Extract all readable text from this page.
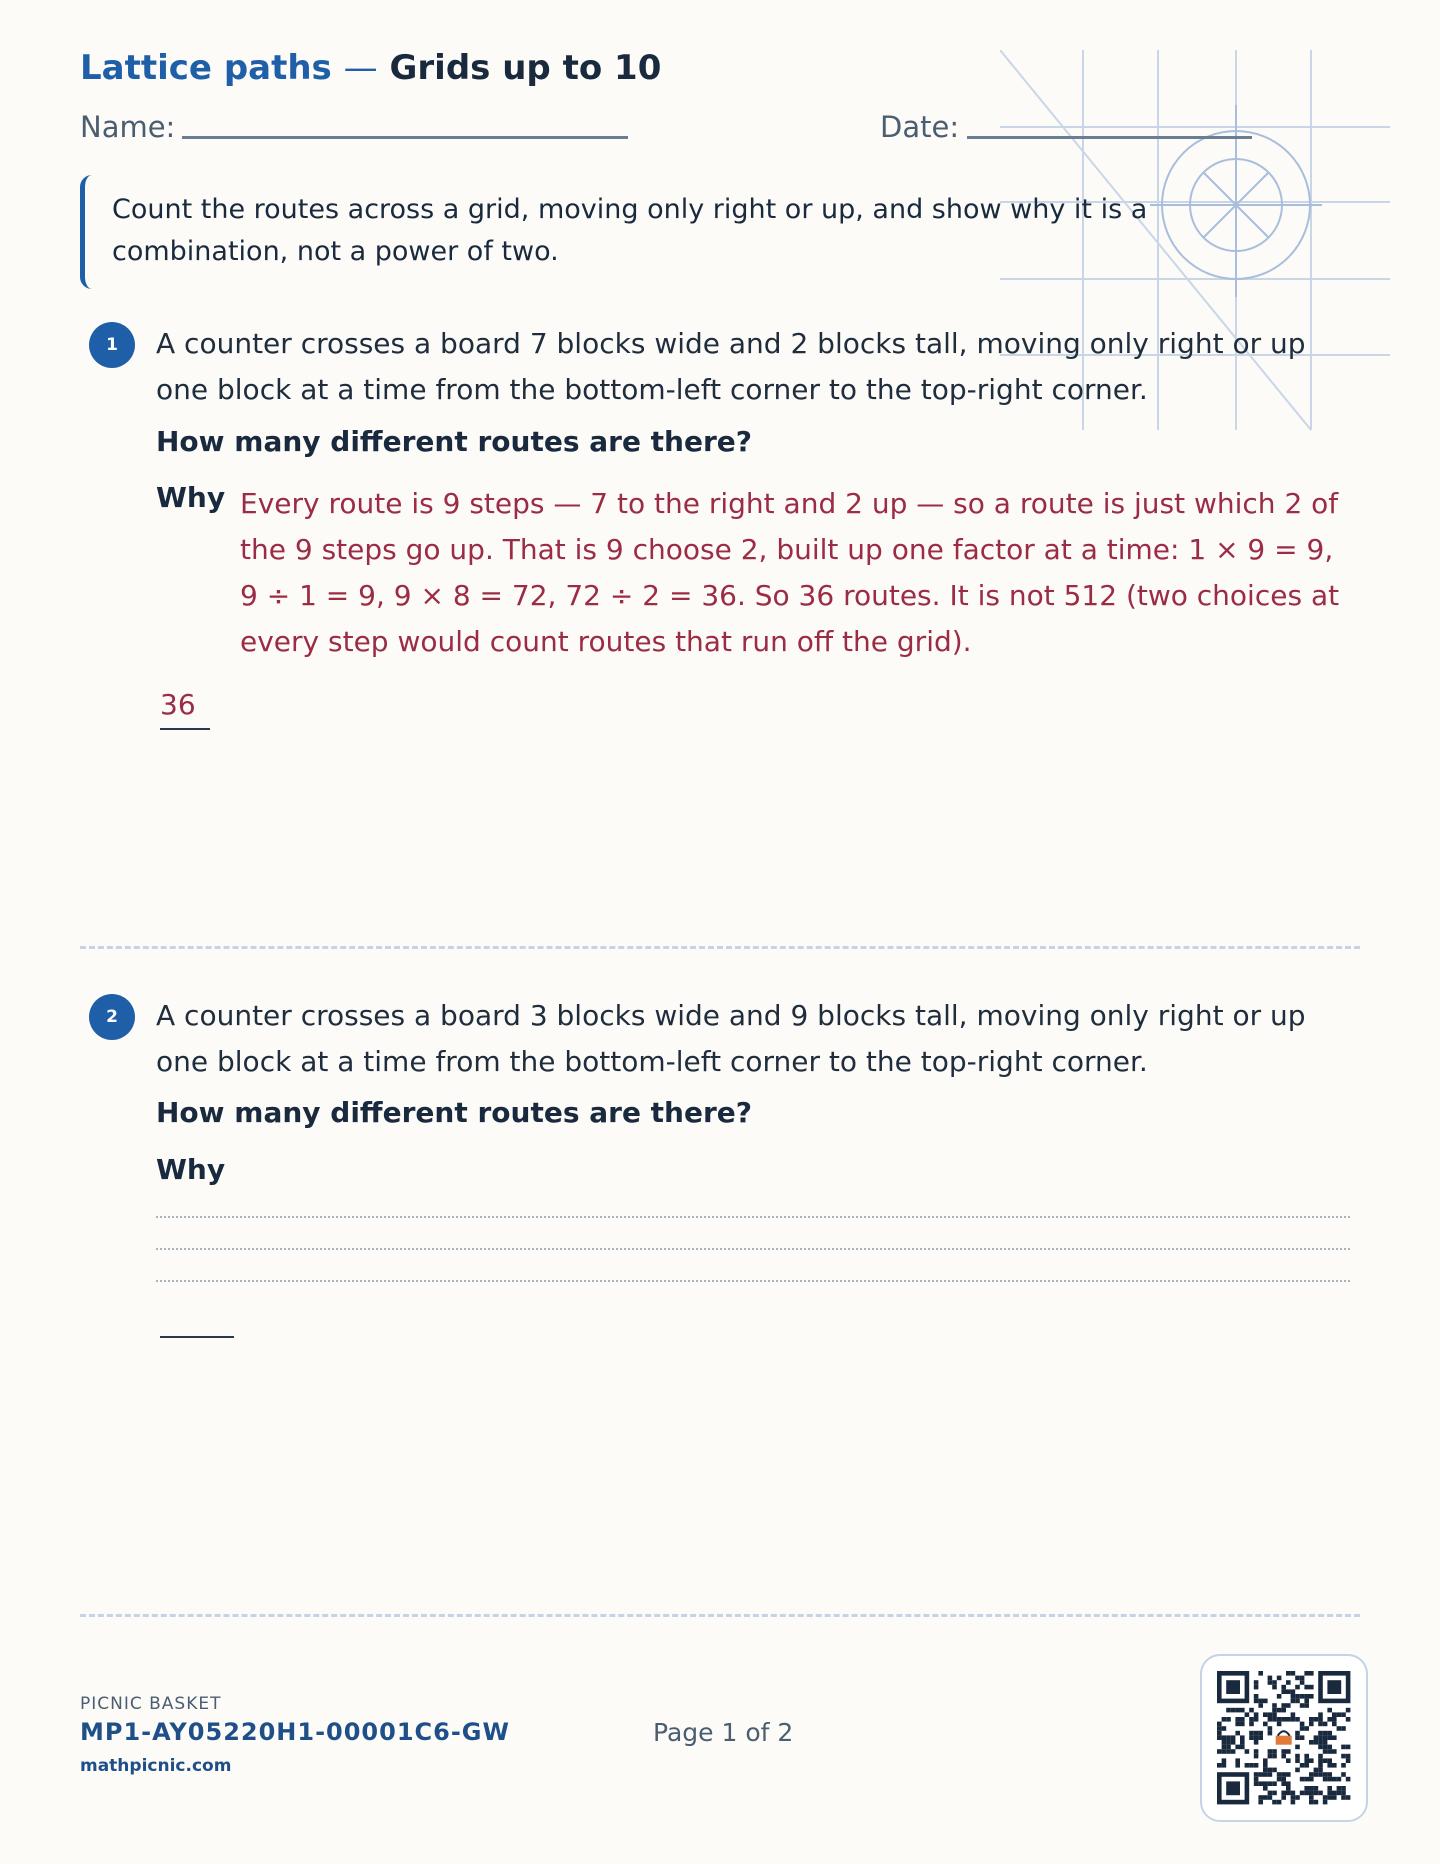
Lattice paths — Grids up to 10
Name:	Date:
Count the routes across a grid, moving only right or up, and show why it is a combination, not a power of two.
1	A counter crosses a board 7 blocks wide and 2 blocks tall, moving only right or up one block at a time from the bottom-left corner to the top-right corner.
How many different routes are there?
Why Every route is 9 steps — 7 to the right and 2 up — so a route is just which 2 of the 9 steps go up. That is 9 choose 2, built up one factor at a time: 1 × 9 = 9, 9 ÷ 1 = 9, 9 × 8 = 72, 72 ÷ 2 = 36. So 36 routes. It is not 512 (two choices at every step would count routes that run off the grid).
36
2	A counter crosses a board 3 blocks wide and 9 blocks tall, moving only right or up one block at a time from the bottom-left corner to the top-right corner.
How many different routes are there?
Why
PICNIC BASKET
MP1-AY05220H1-00001C6-GW
mathpicnic.com
Page 1 of 2
